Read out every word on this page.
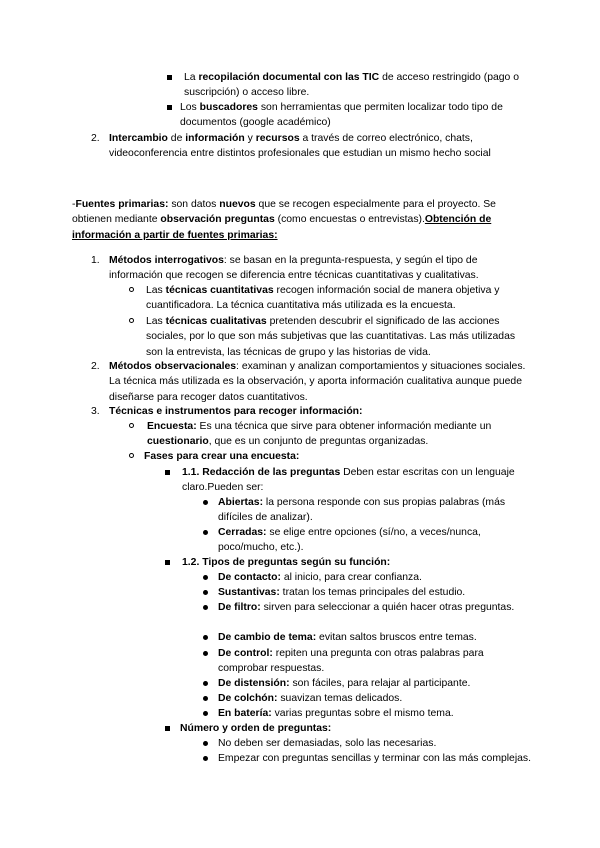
La recopilación documental con las TIC de acceso restringido (pago o suscripción) o acceso libre.
Los buscadores son herramientas que permiten localizar todo tipo de documentos (google académico)
2. Intercambio de información y recursos a través de correo electrónico, chats, videoconferencia entre distintos profesionales que estudian un mismo hecho social
-Fuentes primarias: son datos nuevos que se recogen especialmente para el proyecto. Se obtienen mediante observación preguntas (como encuestas o entrevistas).Obtención de información a partir de fuentes primarias:
1. Métodos interrogativos: se basan en la pregunta-respuesta, y según el tipo de información que recogen se diferencia entre técnicas cuantitativas y cualitativas.
Las técnicas cuantitativas recogen información social de manera objetiva y cuantificadora. La técnica cuantitativa más utilizada es la encuesta.
Las técnicas cualitativas pretenden descubrir el significado de las acciones sociales, por lo que son más subjetivas que las cuantitativas. Las más utilizadas son la entrevista, las técnicas de grupo y las historias de vida.
2. Métodos observacionales: examinan y analizan comportamientos y situaciones sociales. La técnica más utilizada es la observación, y aporta información cualitativa aunque puede diseñarse para recoger datos cuantitativos.
3. Técnicas e instrumentos para recoger información:
Encuesta: Es una técnica que sirve para obtener información mediante un cuestionario, que es un conjunto de preguntas organizadas.
Fases para crear una encuesta:
1.1. Redacción de las preguntas Deben estar escritas con un lenguaje claro.Pueden ser:
Abiertas: la persona responde con sus propias palabras (más difíciles de analizar).
Cerradas: se elige entre opciones (sí/no, a veces/nunca, poco/mucho, etc.).
1.2. Tipos de preguntas según su función:
De contacto: al inicio, para crear confianza.
Sustantivas: tratan los temas principales del estudio.
De filtro: sirven para seleccionar a quién hacer otras preguntas.
De cambio de tema: evitan saltos bruscos entre temas.
De control: repiten una pregunta con otras palabras para comprobar respuestas.
De distensión: son fáciles, para relajar al participante.
De colchón: suavizan temas delicados.
En batería: varias preguntas sobre el mismo tema.
Número y orden de preguntas:
No deben ser demasiadas, solo las necesarias.
Empezar con preguntas sencillas y terminar con las más complejas.
